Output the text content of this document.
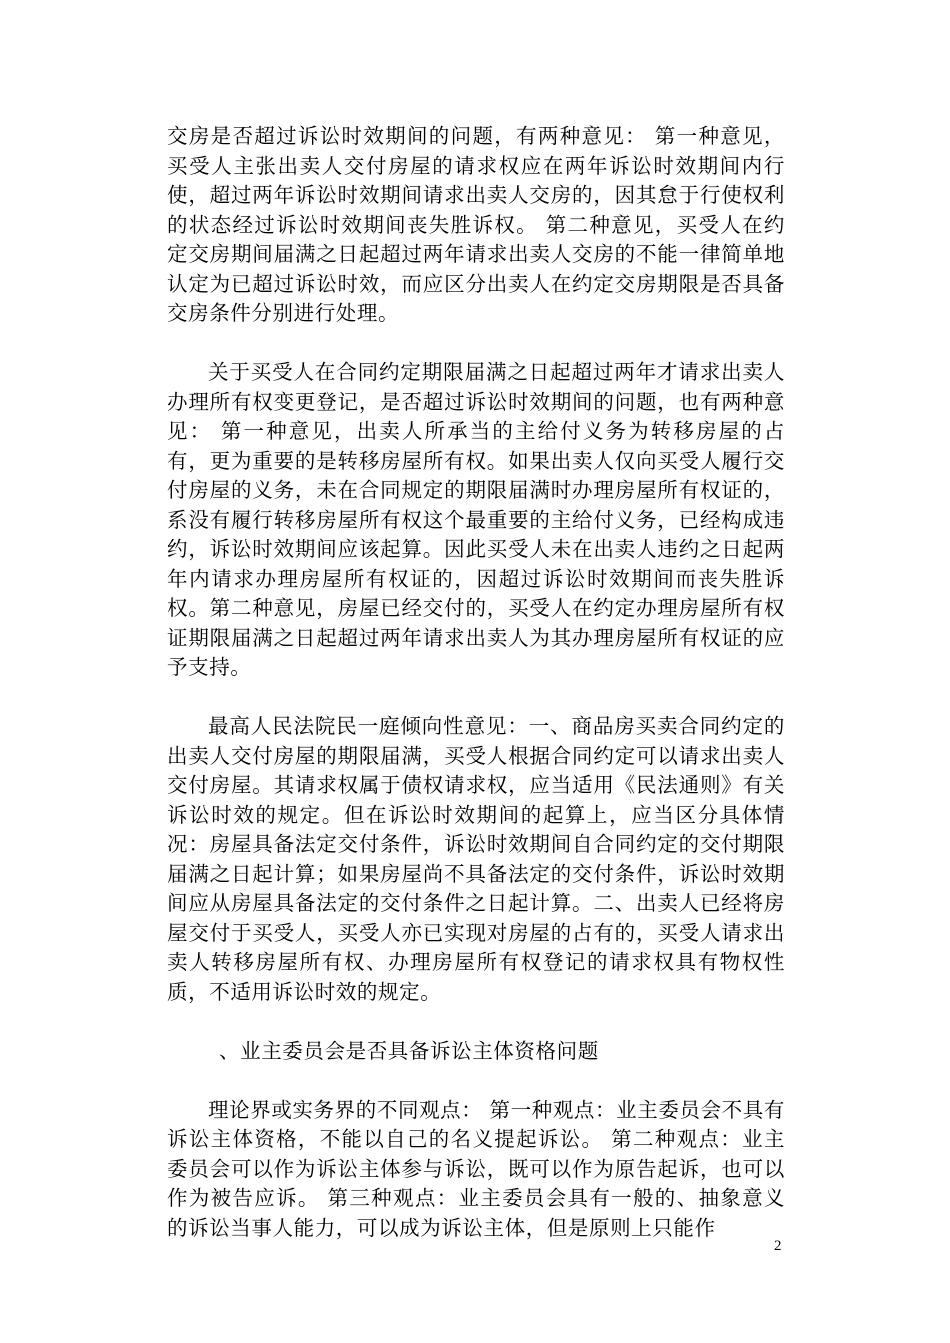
交房是否超过诉讼时效期间的问题，有两种意见： 第一种意见，买受人主张出卖人交付房屋的请求权应在两年诉讼时效期间内行使，超过两年诉讼时效期间请求出卖人交房的，因其怠于行使权利的状态经过诉讼时效期间丧失胜诉权。 第二种意见，买受人在约定交房期间届满之日起超过两年请求出卖人交房的不能一律简单地认定为已超过诉讼时效，而应区分出卖人在约定交房期限是否具备交房条件分别进行处理。

关于买受人在合同约定期限届满之日起超过两年才请求出卖人办理所有权变更登记，是否超过诉讼时效期间的问题，也有两种意见： 第一种意见，出卖人所承当的主给付义务为转移房屋的占有，更为重要的是转移房屋所有权。如果出卖人仅向买受人履行交付房屋的义务，未在合同规定的期限届满时办理房屋所有权证的，系没有履行转移房屋所有权这个最重要的主给付义务，已经构成违约，诉讼时效期间应该起算。因此买受人未在出卖人违约之日起两年内请求办理房屋所有权证的，因超过诉讼时效期间而丧失胜诉权。第二种意见，房屋已经交付的，买受人在约定办理房屋所有权证期限届满之日起超过两年请求出卖人为其办理房屋所有权证的应予支持。

最高人民法院民一庭倾向性意见：一、商品房买卖合同约定的出卖人交付房屋的期限届满，买受人根据合同约定可以请求出卖人交付房屋。其请求权属于债权请求权，应当适用《民法通则》有关诉讼时效的规定。但在诉讼时效期间的起算上，应当区分具体情况：房屋具备法定交付条件，诉讼时效期间自合同约定的交付期限届满之日起计算；如果房屋尚不具备法定的交付条件，诉讼时效期间应从房屋具备法定的交付条件之日起计算。二、出卖人已经将房屋交付于买受人，买受人亦已实现对房屋的占有的，买受人请求出卖人转移房屋所有权、办理房屋所有权登记的请求权具有物权性质，不适用诉讼时效的规定。

、业主委员会是否具备诉讼主体资格问题

理论界或实务界的不同观点： 第一种观点：业主委员会不具有诉讼主体资格，不能以自己的名义提起诉讼。 第二种观点：业主委员会可以作为诉讼主体参与诉讼，既可以作为原告起诉，也可以作为被告应诉。 第三种观点：业主委员会具有一般的、抽象意义的诉讼当事人能力，可以成为诉讼主体，但是原则上只能作

2
